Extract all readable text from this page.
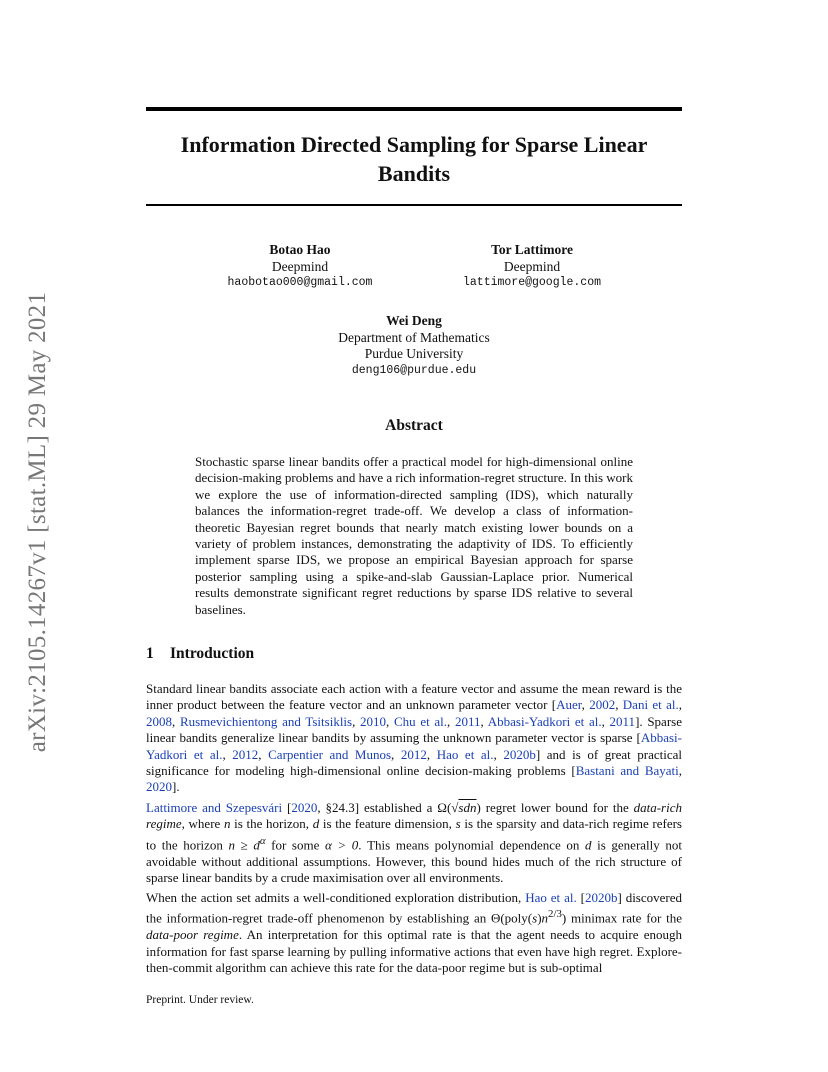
arXiv:2105.14267v1 [stat.ML] 29 May 2021
Information Directed Sampling for Sparse Linear
Bandits
Botao Hao
Deepmind
haobotao000@gmail.com
Tor Lattimore
Deepmind
lattimore@google.com
Wei Deng
Department of Mathematics
Purdue University
deng106@purdue.edu
Abstract
Stochastic sparse linear bandits offer a practical model for high-dimensional online decision-making problems and have a rich information-regret structure. In this work we explore the use of information-directed sampling (IDS), which naturally balances the information-regret trade-off. We develop a class of information-theoretic Bayesian regret bounds that nearly match existing lower bounds on a variety of problem instances, demonstrating the adaptivity of IDS. To efficiently implement sparse IDS, we propose an empirical Bayesian approach for sparse posterior sampling using a spike-and-slab Gaussian-Laplace prior. Numerical results demonstrate significant regret reductions by sparse IDS relative to several baselines.
1 Introduction

Standard linear bandits associate each action with a feature vector and assume the mean reward is the inner product between the feature vector and an unknown parameter vector [Auer, 2002, Dani et al., 2008, Rusmevichientong and Tsitsiklis, 2010, Chu et al., 2011, Abbasi-Yadkori et al., 2011]. Sparse linear bandits generalize linear bandits by assuming the unknown parameter vector is sparse [Abbasi-Yadkori et al., 2012, Carpentier and Munos, 2012, Hao et al., 2020b] and is of great practical significance for modeling high-dimensional online decision-making problems [Bastani and Bayati, 2020].

Lattimore and Szepesvári [2020, §24.3] established a Ω(√sdn) regret lower bound for the data-rich regime, where n is the horizon, d is the feature dimension, s is the sparsity and data-rich regime refers to the horizon $n \ge d^\alpha$ for some α > 0. This means polynomial dependence on d is generally not avoidable without additional assumptions. However, this bound hides much of the rich structure of sparse linear bandits by a crude maximisation over all environments.

When the action set admits a well-conditioned exploration distribution, Hao et al. [2020b] discovered the information-regret trade-off phenomenon by establishing an $\Theta(poly(s)n^{2/3})$ minimax rate for the data-poor regime. An interpretation for this optimal rate is that the agent needs to acquire enough information for fast sparse learning by pulling informative actions that even have high regret. Explore-then-commit algorithm can achieve this rate for the data-poor regime but is sub-optimal

Preprint. Under review.
